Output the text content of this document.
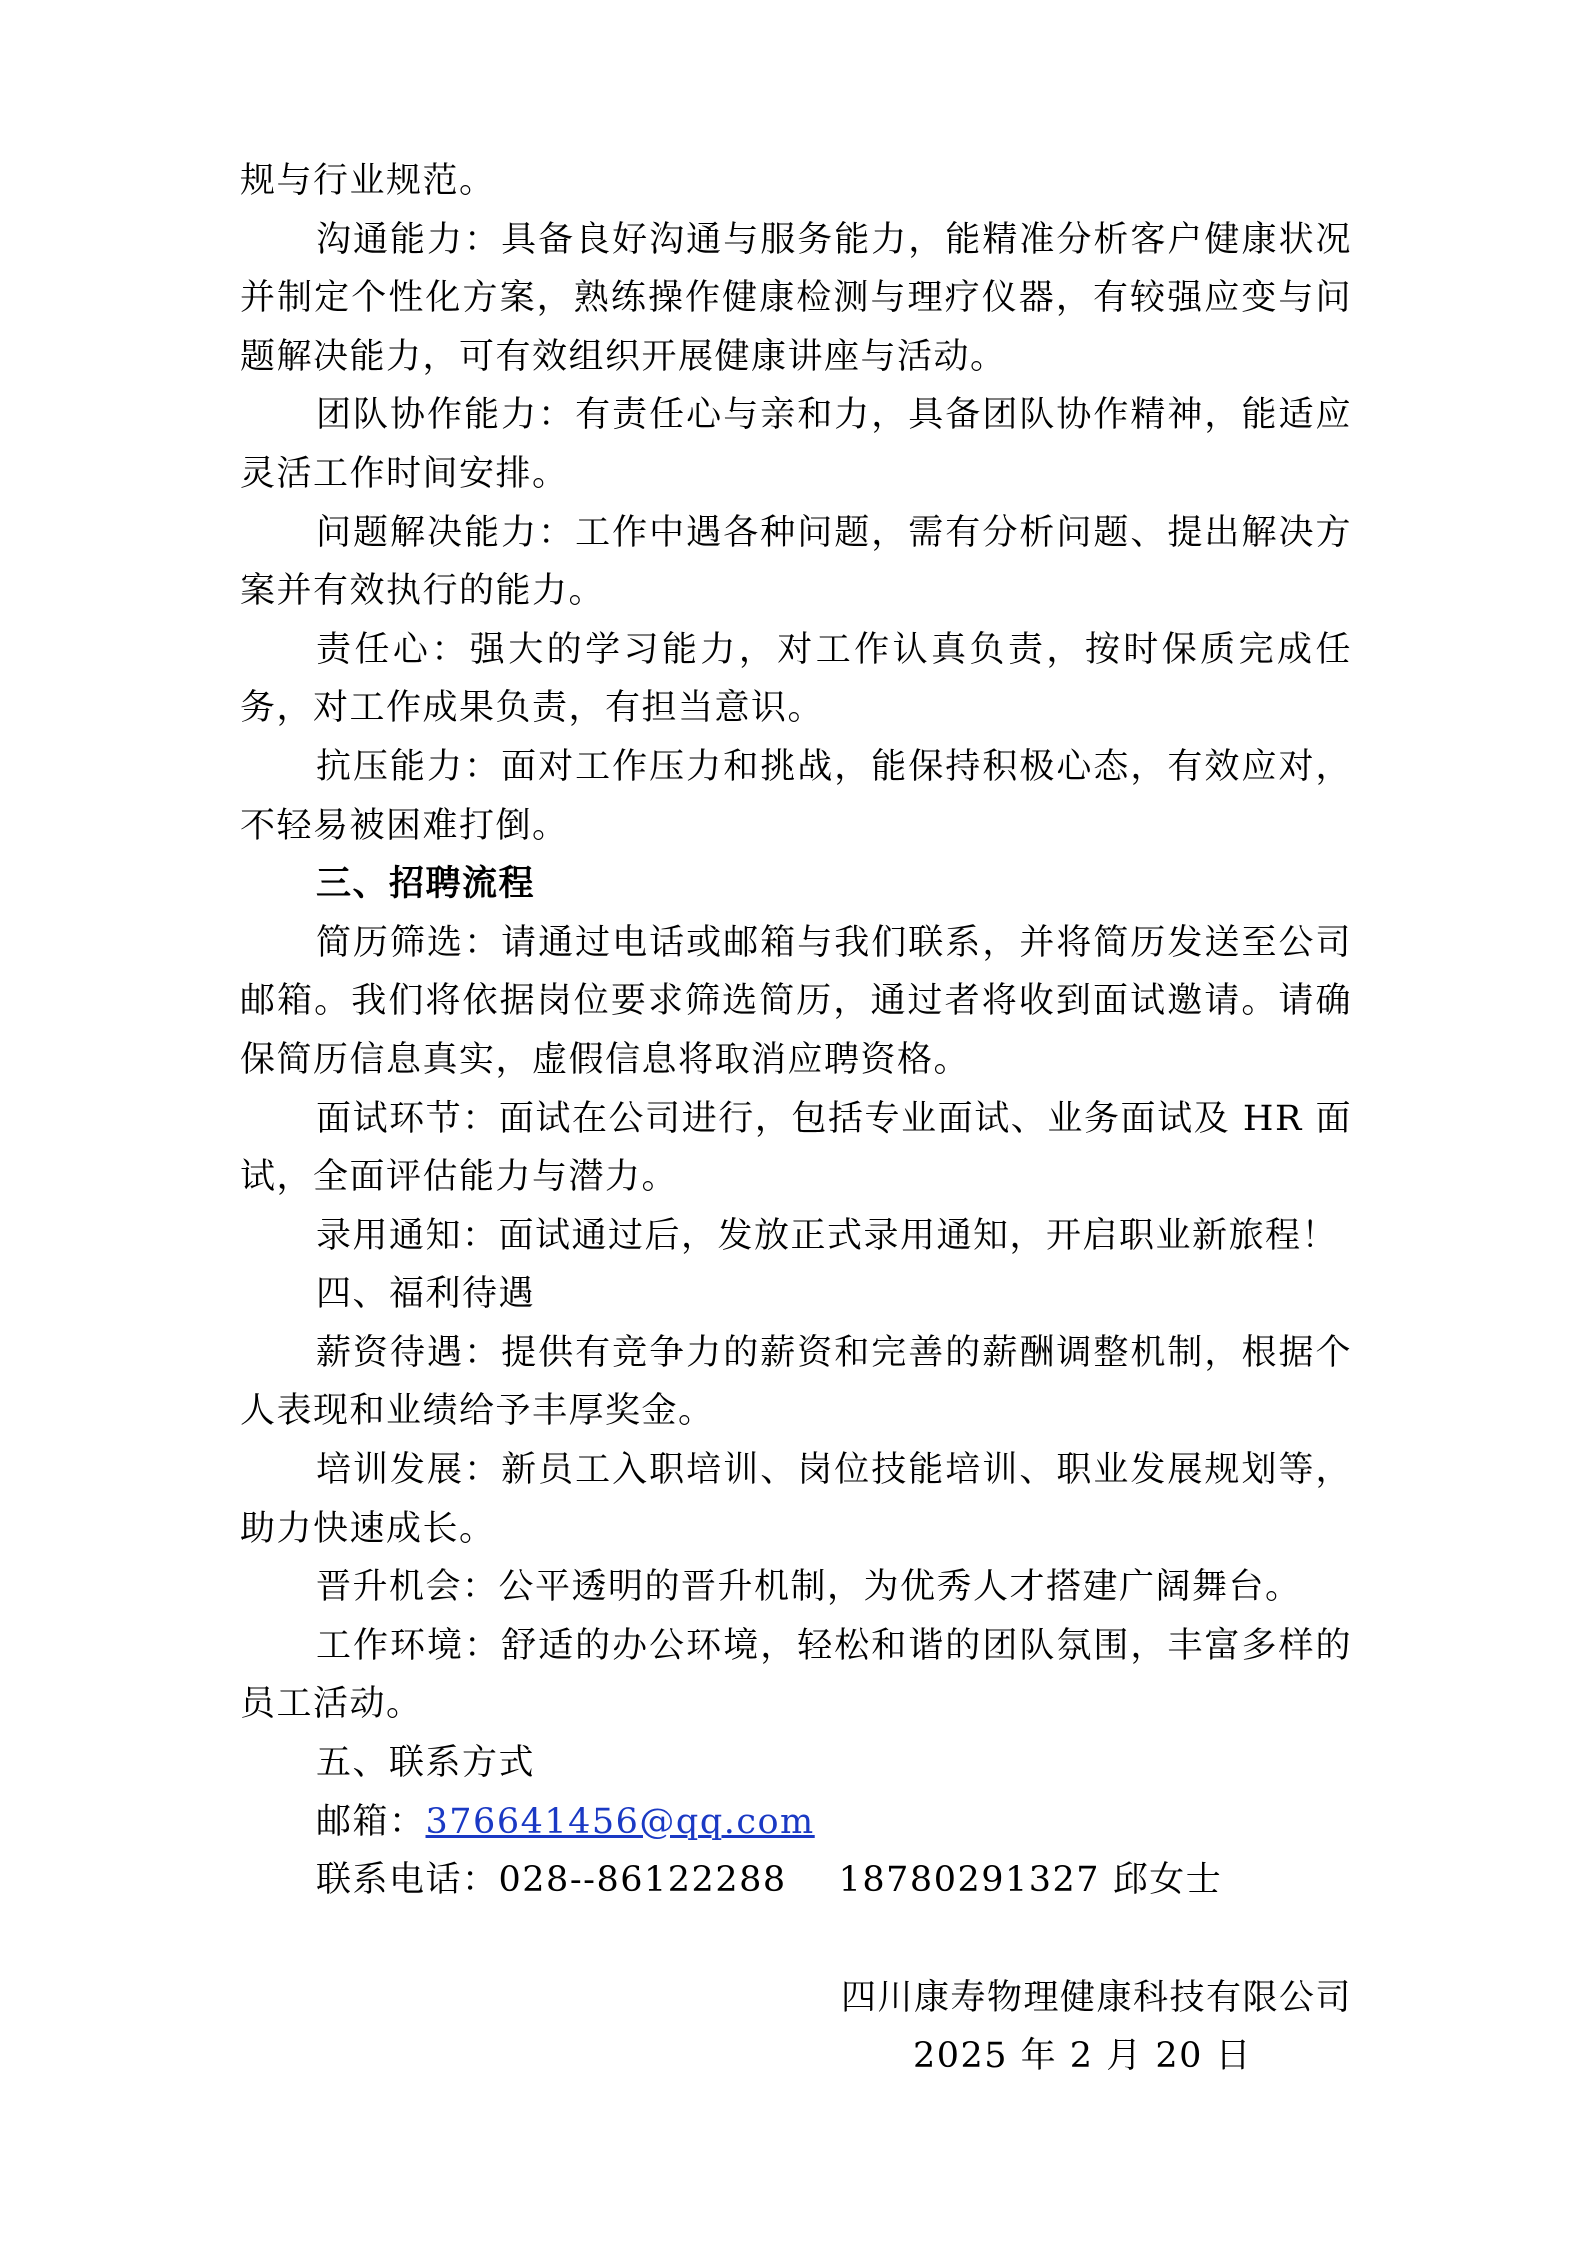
规与行业规范。

沟通能力：具备良好沟通与服务能力，能精准分析客户健康状况并制定个性化方案，熟练操作健康检测与理疗仪器，有较强应变与问题解决能力，可有效组织开展健康讲座与活动。

团队协作能力：有责任心与亲和力，具备团队协作精神，能适应灵活工作时间安排。

问题解决能力：工作中遇各种问题，需有分析问题、提出解决方案并有效执行的能力。

责任心：强大的学习能力，对工作认真负责，按时保质完成任务，对工作成果负责，有担当意识。

抗压能力：面对工作压力和挑战，能保持积极心态，有效应对，不轻易被困难打倒。

三、招聘流程

简历筛选：请通过电话或邮箱与我们联系，并将简历发送至公司邮箱。我们将依据岗位要求筛选简历，通过者将收到面试邀请。请确保简历信息真实，虚假信息将取消应聘资格。

面试环节：面试在公司进行，包括专业面试、业务面试及 HR 面试，全面评估能力与潜力。

录用通知：面试通过后，发放正式录用通知，开启职业新旅程！

四、福利待遇

薪资待遇：提供有竞争力的薪资和完善的薪酬调整机制，根据个人表现和业绩给予丰厚奖金。

培训发展：新员工入职培训、岗位技能培训、职业发展规划等，助力快速成长。

晋升机会：公平透明的晋升机制，为优秀人才搭建广阔舞台。

工作环境：舒适的办公环境，轻松和谐的团队氛围，丰富多样的员工活动。

五、联系方式

邮箱：376641456@qq.com

联系电话：028--86122288 18780291327 邱女士

四川康寿物理健康科技有限公司
2025 年 2 月 20 日
